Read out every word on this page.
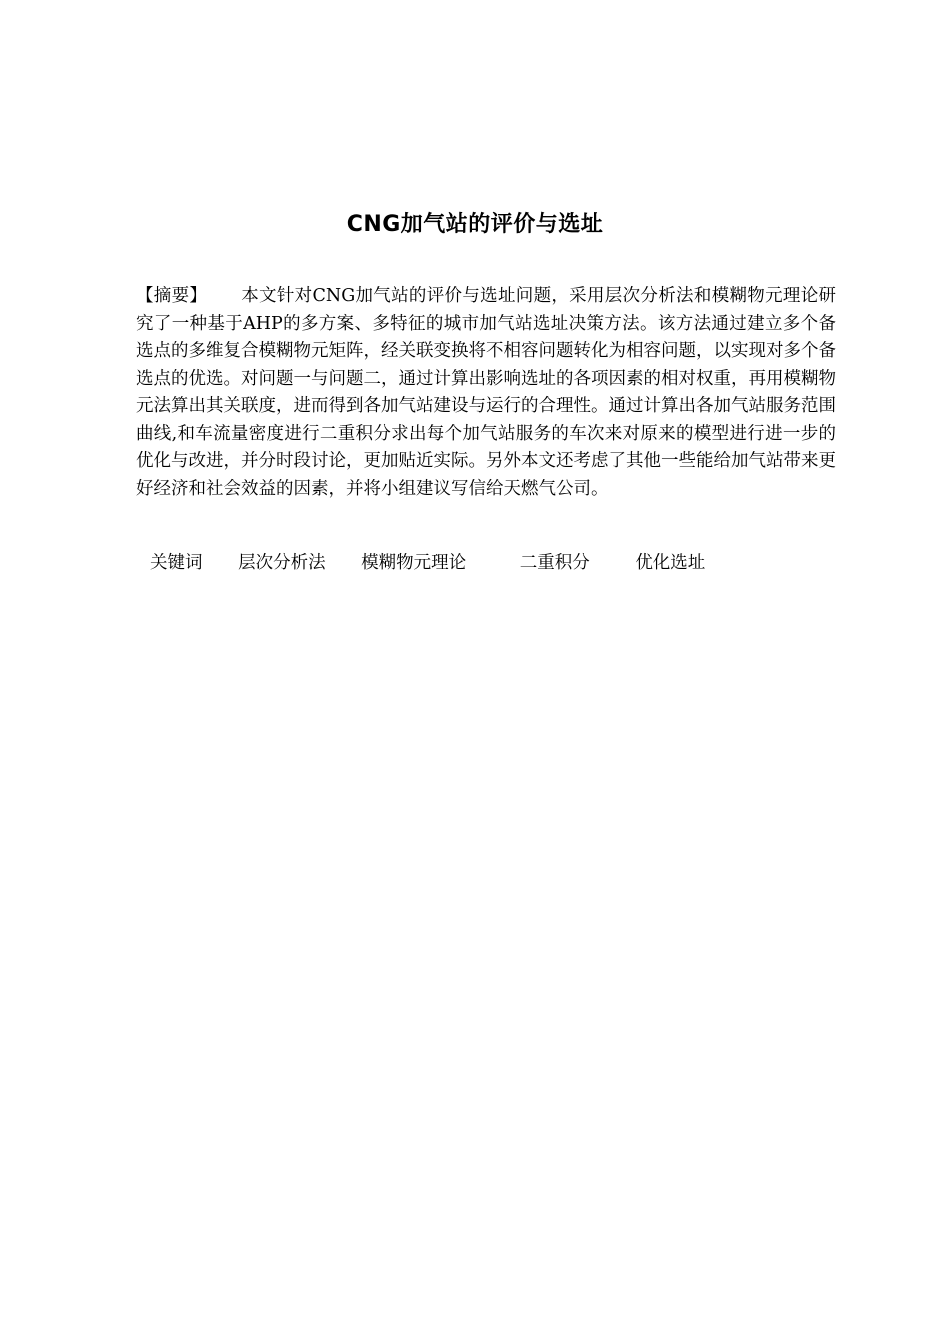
CNG加气站的评价与选址

【摘要】 本文针对CNG加气站的评价与选址问题，采用层次分析法和模糊物元理论研究了一种基于AHP的多方案、多特征的城市加气站选址决策方法。该方法通过建立多个备选点的多维复合模糊物元矩阵，经关联变换将不相容问题转化为相容问题，以实现对多个备选点的优选。对问题一与问题二，通过计算出影响选址的各项因素的相对权重，再用模糊物元法算出其关联度，进而得到各加气站建设与运行的合理性。通过计算出各加气站服务范围曲线,和车流量密度进行二重积分求出每个加气站服务的车次来对原来的模型进行进一步的优化与改进，并分时段讨论，更加贴近实际。另外本文还考虑了其他一些能给加气站带来更好经济和社会效益的因素，并将小组建议写信给天燃气公司。

关键词 层次分析法 模糊物元理论	二重积分	优化选址
